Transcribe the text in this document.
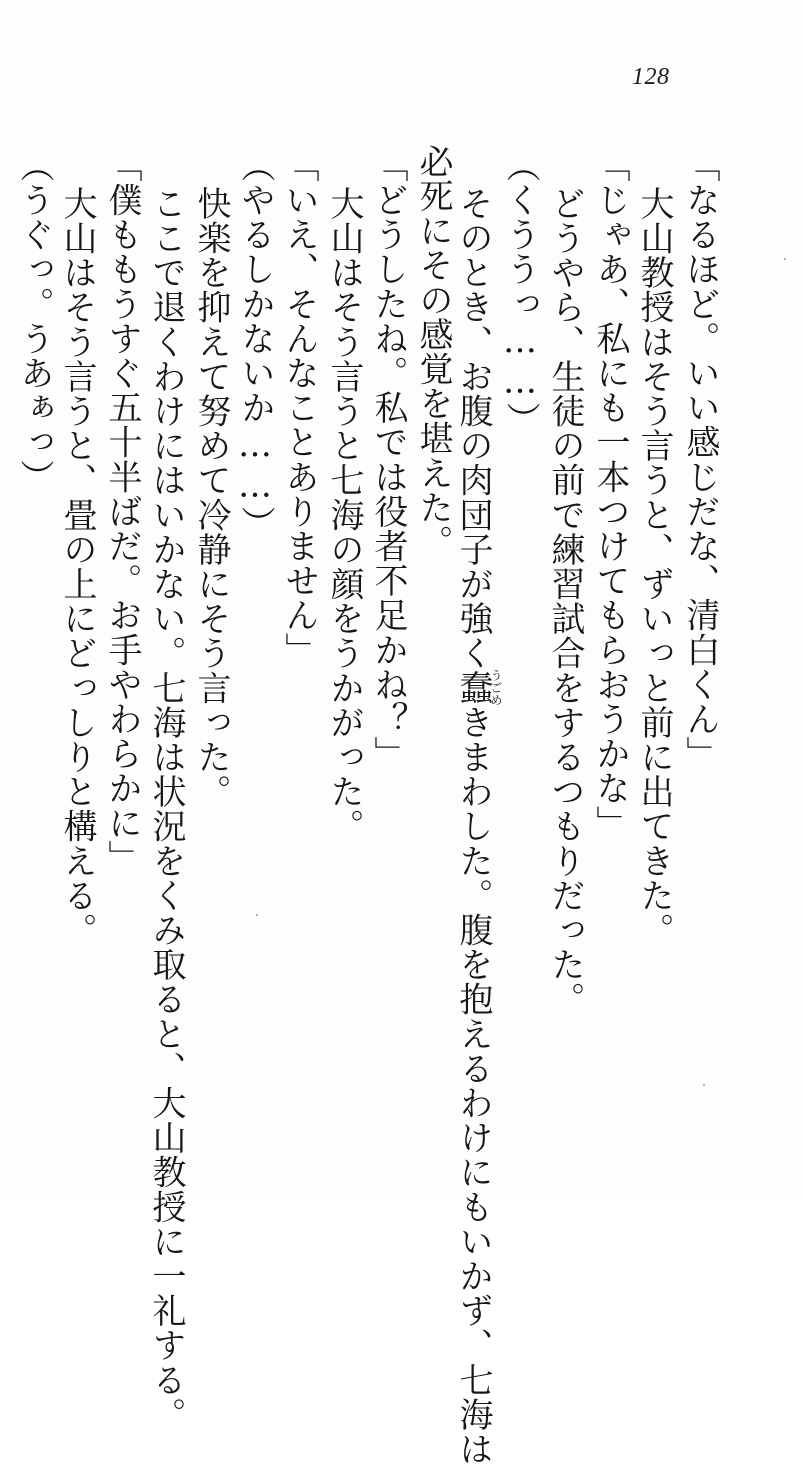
128
「なるほど。いい感じだな、清白くん」
大山教授はそう言うと、ずいっと前に出てきた。
「じゃあ、私にも一本つけてもらおうかな」
どうやら、生徒の前で練習試合をするつもりだった。
（くううっ……）
そのとき、お腹の肉団子が強く蠢うごめきまわした。腹を抱えるわけにもいかず、七海は
必死にその感覚を堪えた。
「どうしたね。私では役者不足かね？」
大山はそう言うと七海の顔をうかがった。
「いえ、そんなことありません」
（やるしかないか……）
快楽を抑えて努めて冷静にそう言った。
ここで退くわけにはいかない。七海は状況をくみ取ると、大山教授に一礼する。
「僕ももうすぐ五十半ばだ。お手やわらかに」
大山はそう言うと、畳の上にどっしりと構える。
（うぐっ。うあぁっ）
